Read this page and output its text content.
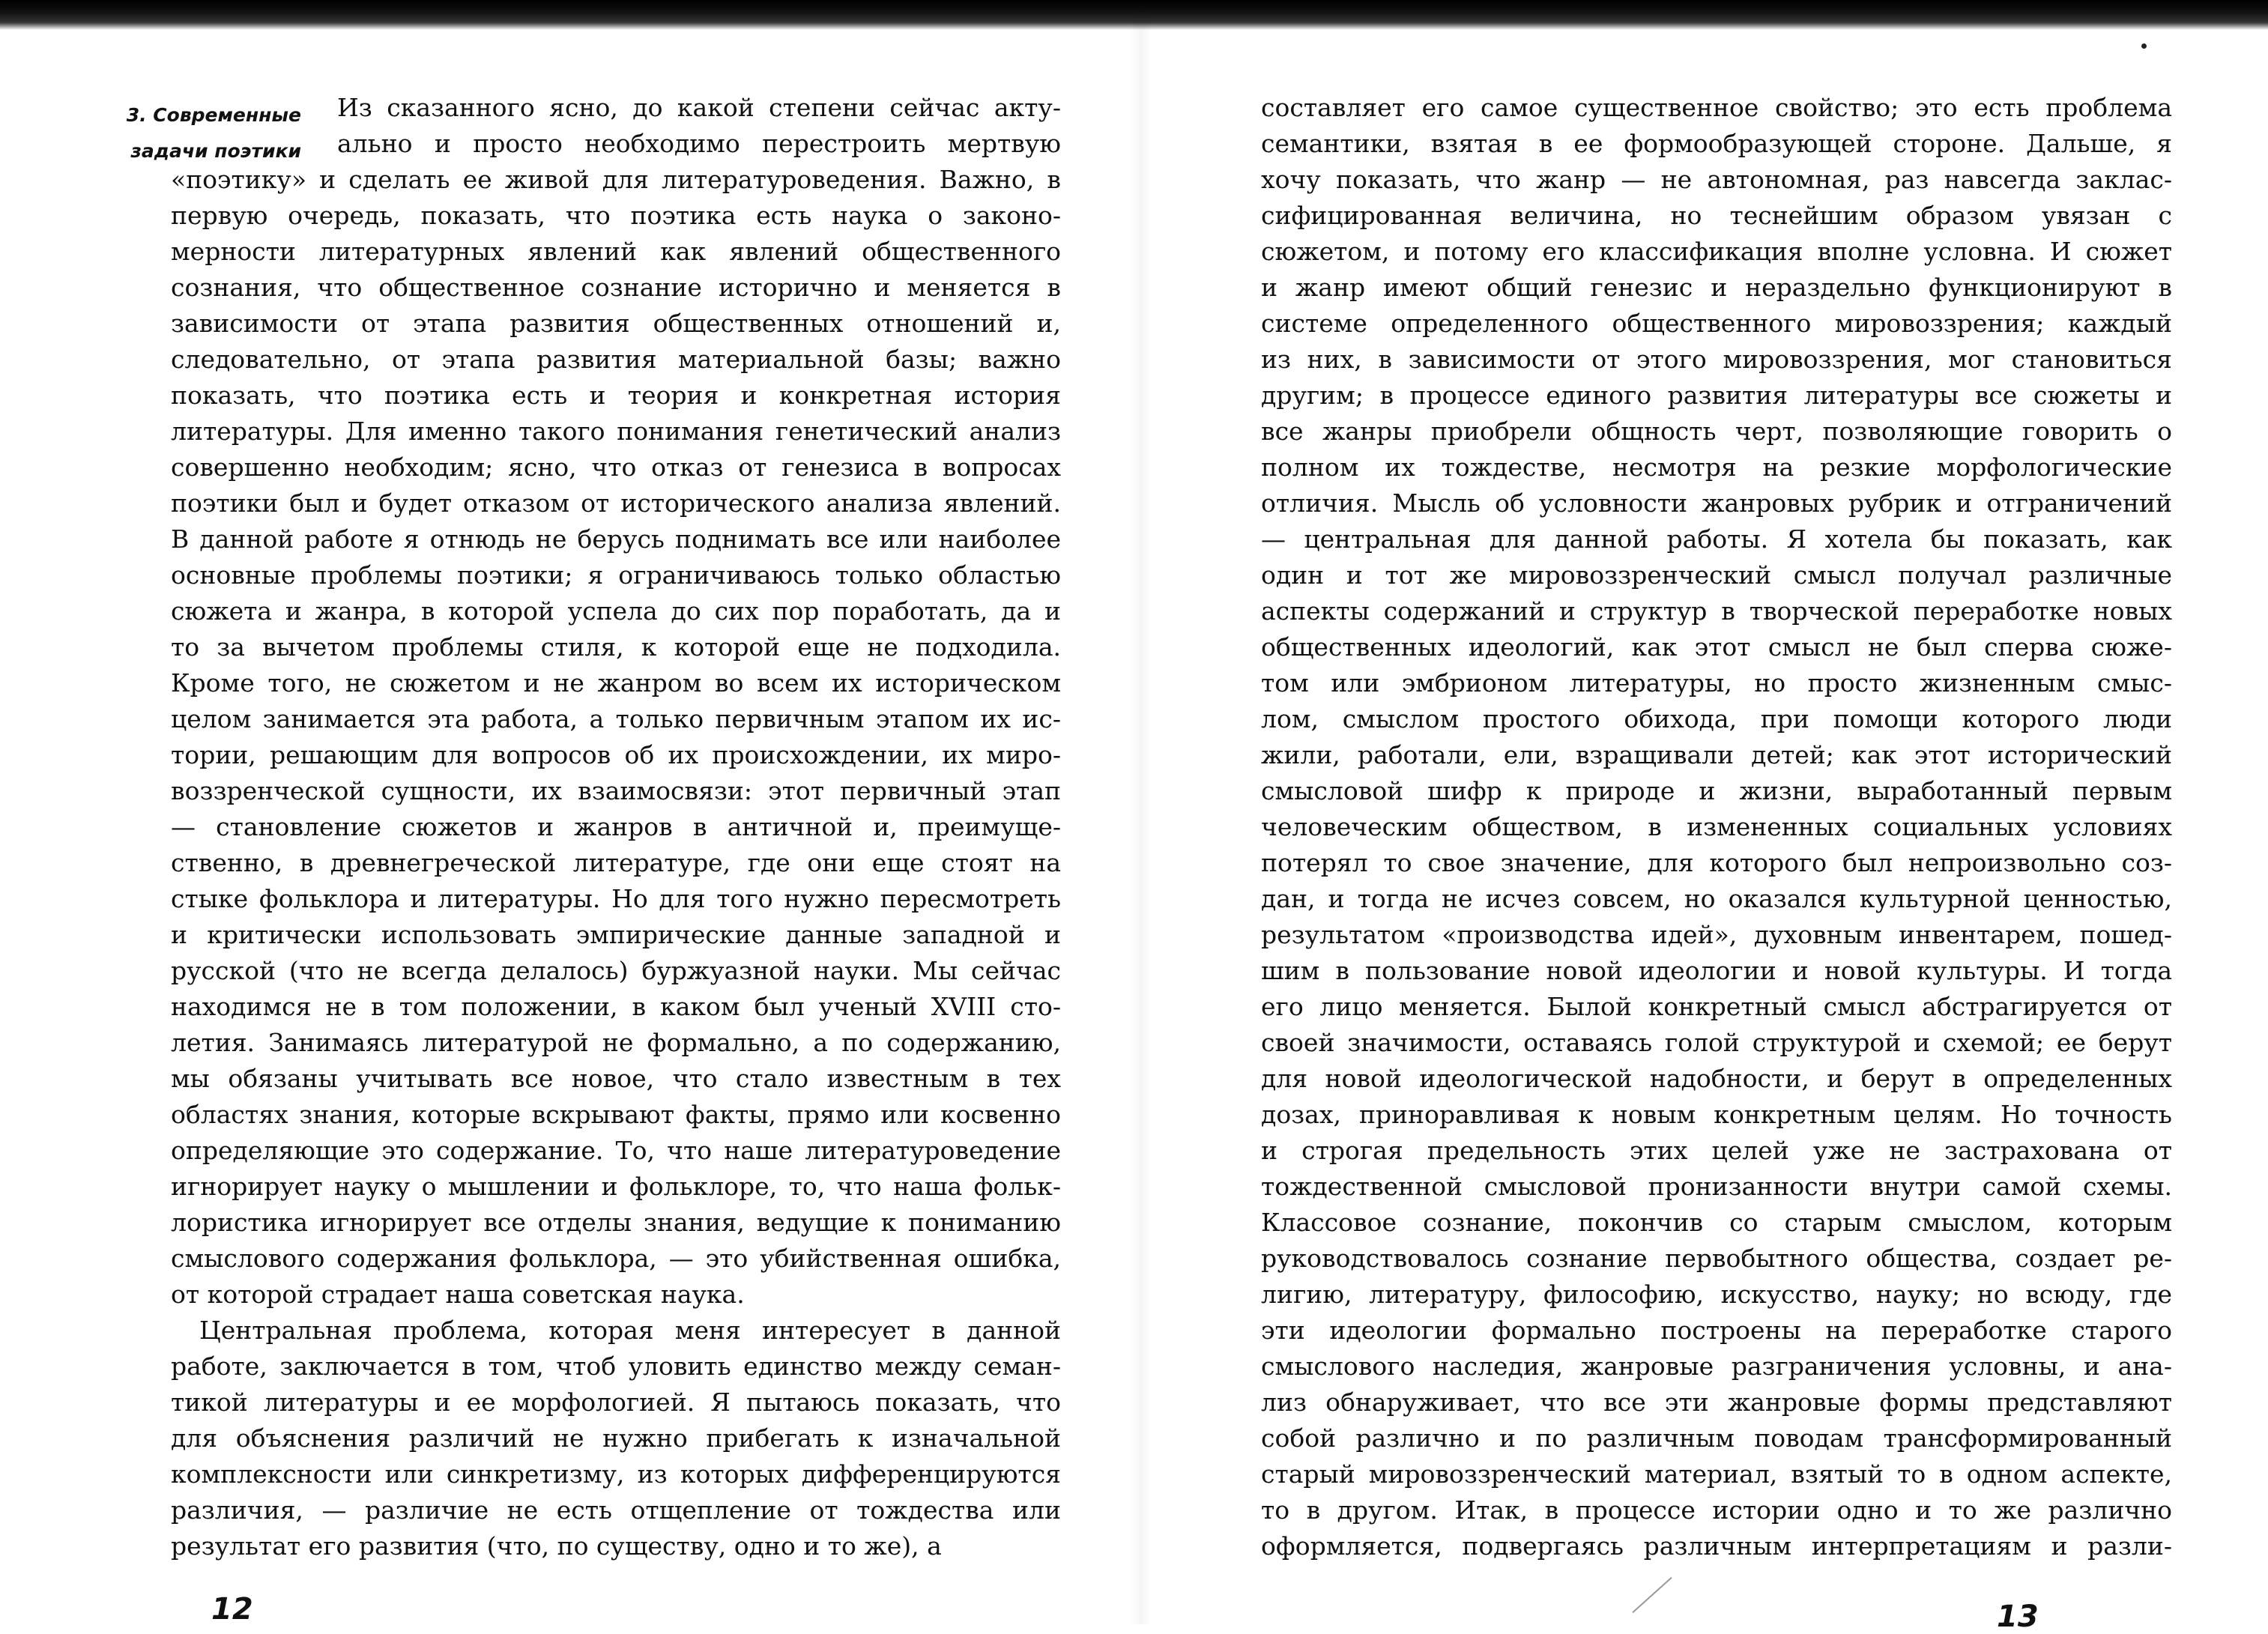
3. Современные
задачи поэтики
Из сказанного ясно, до какой степени сейчас акту-
ально и просто необходимо перестроить мертвую
«поэтику» и сделать ее живой для литературоведения. Важно, в
первую очередь, показать, что поэтика есть наука о законо-
мерности литературных явлений как явлений общественного
сознания, что общественное сознание исторично и меняется в
зависимости от этапа развития общественных отношений и,
следовательно, от этапа развития материальной базы; важно
показать, что поэтика есть и теория и конкретная история
литературы. Для именно такого понимания генетический анализ
совершенно необходим; ясно, что отказ от генезиса в вопросах
поэтики был и будет отказом от исторического анализа явлений.
В данной работе я отнюдь не берусь поднимать все или наиболее
основные проблемы поэтики; я ограничиваюсь только областью
сюжета и жанра, в которой успела до сих пор поработать, да и
то за вычетом проблемы стиля, к которой еще не подходила.
Кроме того, не сюжетом и не жанром во всем их историческом
целом занимается эта работа, а только первичным этапом их ис-
тории, решающим для вопросов об их происхождении, их миро-
воззренческой сущности, их взаимосвязи: этот первичный этап
— становление сюжетов и жанров в античной и, преимуще-
ственно, в древнегреческой литературе, где они еще стоят на
стыке фольклора и литературы. Но для того нужно пересмотреть
и критически использовать эмпирические данные западной и
русской (что не всегда делалось) буржуазной науки. Мы сейчас
находимся не в том положении, в каком был ученый XVIII сто-
летия. Занимаясь литературой не формально, а по содержанию,
мы обязаны учитывать все новое, что стало известным в тех
областях знания, которые вскрывают факты, прямо или косвенно
определяющие это содержание. То, что наше литературоведение
игнорирует науку о мышлении и фольклоре, то, что наша фольк-
лористика игнорирует все отделы знания, ведущие к пониманию
смыслового содержания фольклора, — это убийственная ошибка,
от которой страдает наша советская наука.
Центральная проблема, которая меня интересует в данной
работе, заключается в том, чтоб уловить единство между семан-
тикой литературы и ее морфологией. Я пытаюсь показать, что
для объяснения различий не нужно прибегать к изначальной
комплексности или синкретизму, из которых дифференцируются
различия, — различие не есть отщепление от тождества или
результат его развития (что, по существу, одно и то же), а
составляет его самое существенное свойство; это есть проблема
семантики, взятая в ее формообразующей стороне. Дальше, я
хочу показать, что жанр — не автономная, раз навсегда заклас-
сифицированная величина, но теснейшим образом увязан с
сюжетом, и потому его классификация вполне условна. И сюжет
и жанр имеют общий генезис и нераздельно функционируют в
системе определенного общественного мировоззрения; каждый
из них, в зависимости от этого мировоззрения, мог становиться
другим; в процессе единого развития литературы все сюжеты и
все жанры приобрели общность черт, позволяющие говорить о
полном их тождестве, несмотря на резкие морфологические
отличия. Мысль об условности жанровых рубрик и отграничений
— центральная для данной работы. Я хотела бы показать, как
один и тот же мировоззренческий смысл получал различные
аспекты содержаний и структур в творческой переработке новых
общественных идеологий, как этот смысл не был сперва сюже-
том или эмбрионом литературы, но просто жизненным смыс-
лом, смыслом простого обихода, при помощи которого люди
жили, работали, ели, взращивали детей; как этот исторический
смысловой шифр к природе и жизни, выработанный первым
человеческим обществом, в измененных социальных условиях
потерял то свое значение, для которого был непроизвольно соз-
дан, и тогда не исчез совсем, но оказался культурной ценностью,
результатом «производства идей», духовным инвентарем, пошед-
шим в пользование новой идеологии и новой культуры. И тогда
его лицо меняется. Былой конкретный смысл абстрагируется от
своей значимости, оставаясь голой структурой и схемой; ее берут
для новой идеологической надобности, и берут в определенных
дозах, приноравливая к новым конкретным целям. Но точность
и строгая предельность этих целей уже не застрахована от
тождественной смысловой пронизанности внутри самой схемы.
Классовое сознание, покончив со старым смыслом, которым
руководствовалось сознание первобытного общества, создает ре-
лигию, литературу, философию, искусство, науку; но всюду, где
эти идеологии формально построены на переработке старого
смыслового наследия, жанровые разграничения условны, и ана-
лиз обнаруживает, что все эти жанровые формы представляют
собой различно и по различным поводам трансформированный
старый мировоззренческий материал, взятый то в одном аспекте,
то в другом. Итак, в процессе истории одно и то же различно
оформляется, подвергаясь различным интерпретациям и разли-
12	13
